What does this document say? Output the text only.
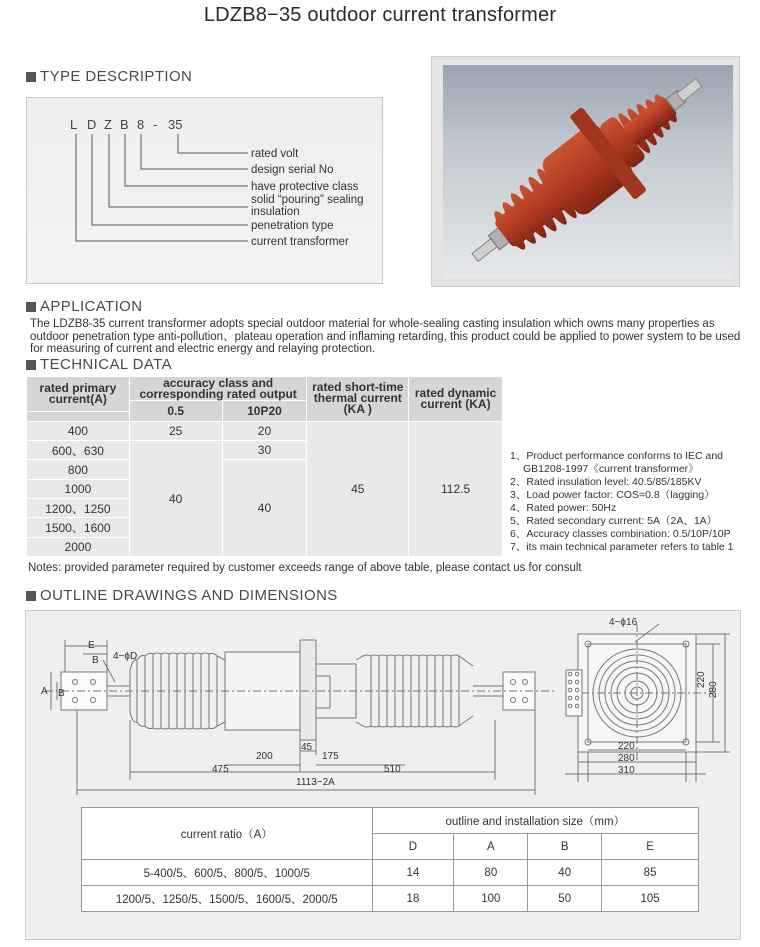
LDZB8−35 outdoor current transformer
TYPE DESCRIPTION
L D Z B 8 - 35
rated volt
design serial No
have protective class
solid “pouring” sealing insulation
penetration type
current transformer
APPLICATION
The LDZB8-35 current transformer adopts special outdoor material for whole-sealing casting insulation which owns many properties as outdoor penetration type anti-pollution、plateau operation and inflaming retarding, this product could be applied to power system to be used for measuring of current and electric energy and relaying protection.
TECHNICAL DATA
rated primary current(A)	accuracy class and corresponding rated output		rated short-time thermal current (KA )	rated dynamic current (KA)
	0.5	10P20		

400	25	20	45	112.5
600、630	40	30		
800		40		
1000				
1200、1250				
1500、1600				
2000				
1、Product performance conforms to IEC and
GB1208-1997《current transformer》
2、Rated insulation level: 40.5/85/185KV
3、Load power factor: COS=0.8（lagging）
4、Rated power: 50Hz
5、Rated secondary current: 5A（2A、1A）
6、Accuracy classes combination: 0.5/10P/10P
7、its main technical parameter refers to table 1
Notes: provided parameter required by customer exceeds range of above table, please contact us for consult
OUTLINE DRAWINGS AND DIMENSIONS
E
B 4−ϕD
A B
200
45
175
475	510
1113−2A
4−ϕ16
220
280
220
280
310
current ratio（A）	outline and installation size（mm）			
	D	A	B	E
5-400/5、600/5、800/5、1000/5	14	80	40	85
1200/5、1250/5、1500/5、1600/5、2000/5	18	100	50	105
